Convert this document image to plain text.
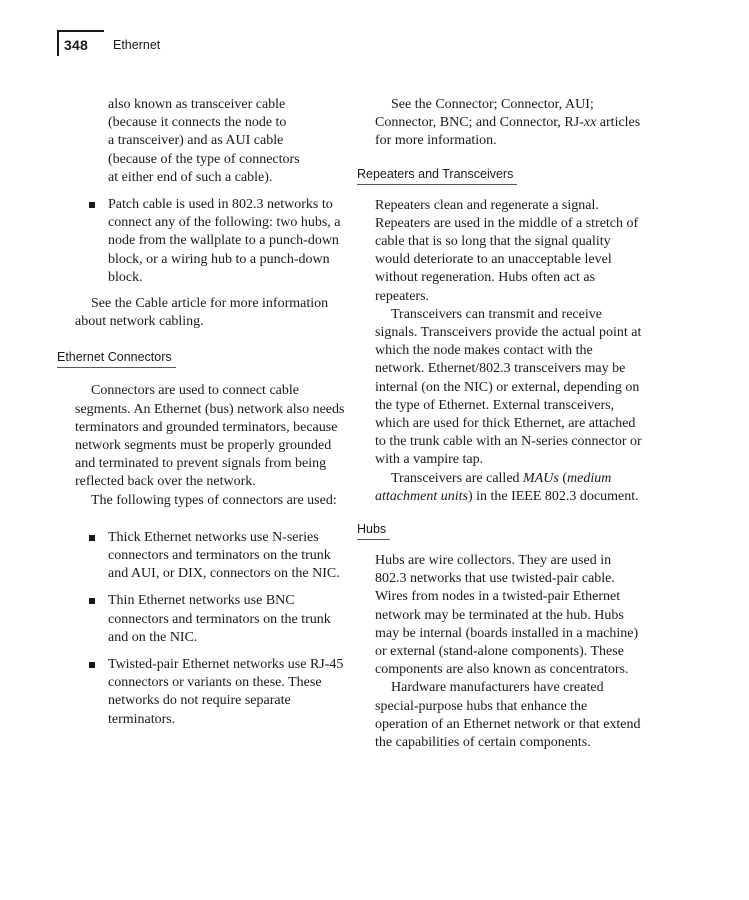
348 Ethernet

also known as transceiver cable

(because it connects the node to

a transceiver) and as AUI cable

(because of the type of connectors

at either end of such a cable).

Patch cable is used in 802.3 networks to connect any of the following: two hubs, a node from the wallplate to a punch-down block, or a wiring hub to a punch-down block.

See the Cable article for more information about network cabling.

Ethernet Connectors

Connectors are used to connect cable segments. An Ethernet (bus) network also needs terminators and grounded terminators, because network segments must be properly grounded and terminated to prevent signals from being reflected back over the network.

The following types of connectors are used:

Thick Ethernet networks use N-series connectors and terminators on the trunk and AUI, or DIX, connectors on the NIC.
Thin Ethernet networks use BNC connectors and terminators on the trunk and on the NIC.
Twisted-pair Ethernet networks use RJ-45 connectors or variants on these. These networks do not require separate terminators.

See the Connector; Connector, AUI; Connector, BNC; and Connector, RJ-xx articles for more information.

Repeaters and Transceivers

Repeaters clean and regenerate a signal. Repeaters are used in the middle of a stretch of cable that is so long that the signal quality would deteriorate to an unacceptable level without regeneration. Hubs often act as repeaters.

Transceivers can transmit and receive signals. Transceivers provide the actual point at which the node makes contact with the network. Ethernet/802.3 transceivers may be internal (on the NIC) or external, depending on the type of Ethernet. External transceivers, which are used for thick Ethernet, are attached to the trunk cable with an N-series connector or with a vampire tap.

Transceivers are called MAUs (medium attachment units) in the IEEE 802.3 document.

Hubs

Hubs are wire collectors. They are used in 802.3 networks that use twisted-pair cable. Wires from nodes in a twisted-pair Ethernet network may be terminated at the hub. Hubs may be internal (boards installed in a machine) or external (stand-alone components). These components are also known as concentrators.

Hardware manufacturers have created special-purpose hubs that enhance the operation of an Ethernet network or that extend the capabilities of certain components.
